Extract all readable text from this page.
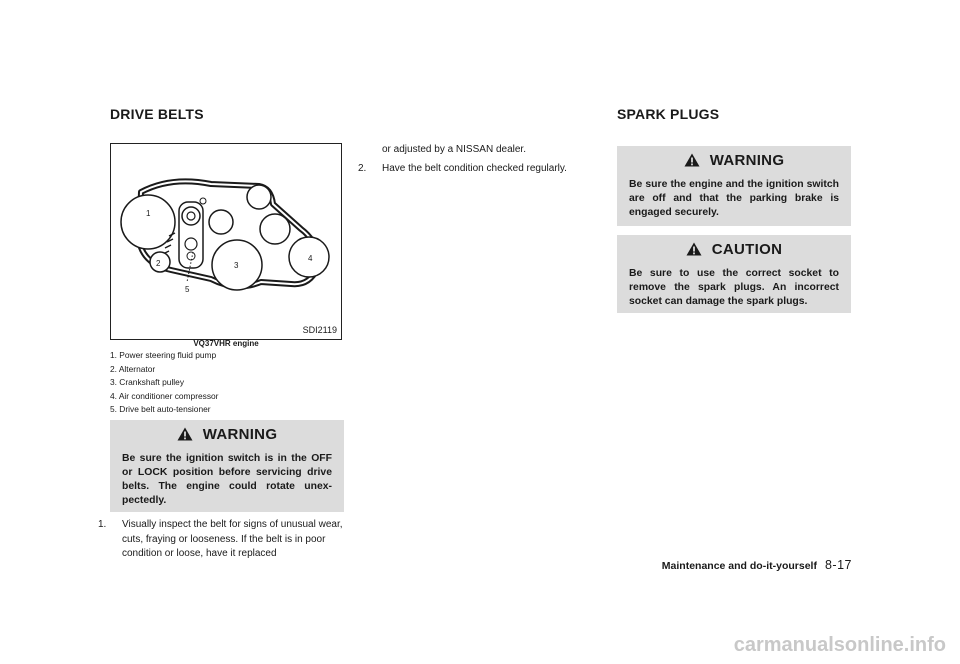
DRIVE BELTS
1
2	3
4
5
SDI2119
VQ37VHR engine
1. Power steering fluid pump
2. Alternator
3. Crankshaft pulley
4. Air conditioner compressor
5. Drive belt auto-tensioner
WARNING
Be sure the ignition switch is in the OFF or LOCK position before servicing drive belts. The engine could rotate unex-pectedly.
1. Visually inspect the belt for signs of unusual wear, cuts, fraying or looseness. If the belt is in poor condition or loose, have it replaced
or adjusted by a NISSAN dealer.
2. Have the belt condition checked regularly.
SPARK PLUGS
WARNING
Be sure the engine and the ignition switch are off and that the parking brake is engaged securely.
CAUTION
Be sure to use the correct socket to remove the spark plugs. An incorrect socket can damage the spark plugs.
Maintenance and do-it-yourself 8-17
carmanualsonline.info
